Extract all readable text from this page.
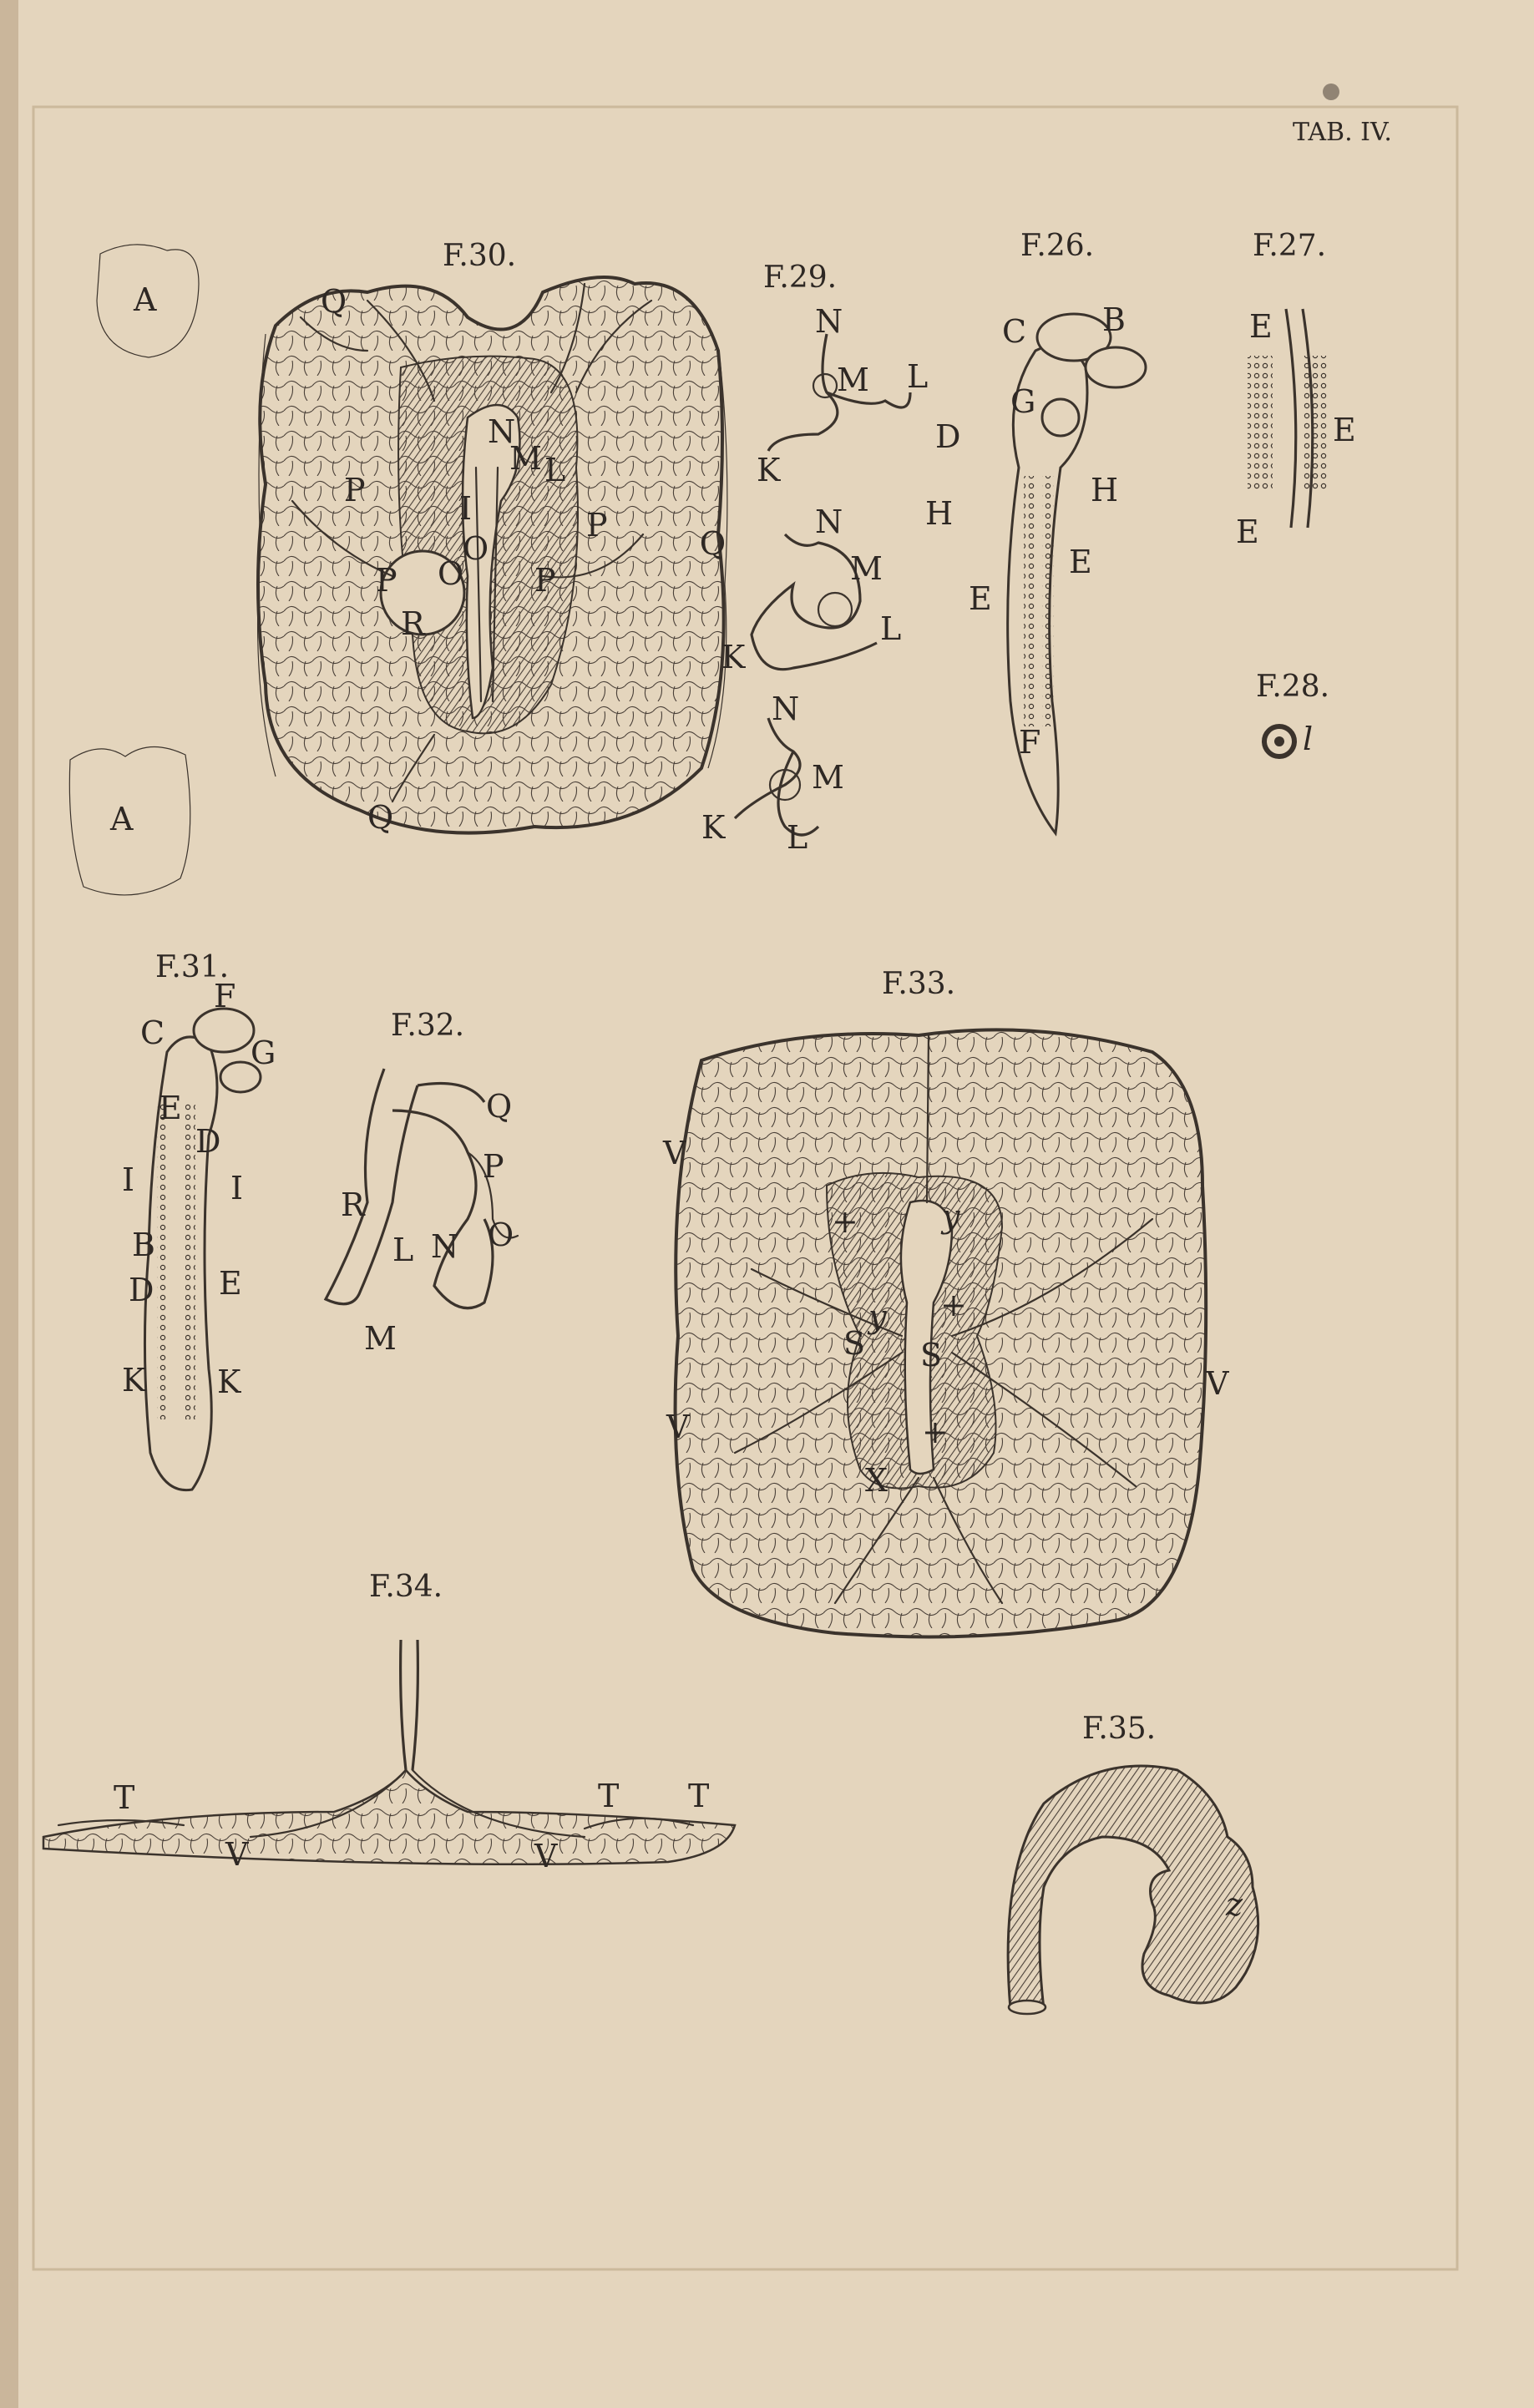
TAB. IV.
A
A
F.30.
Q
Q
Q
N
M L
I
P
P
P	P
O
O
R
F.29.
N
M L
K
N
M
L
K
N
M
L
K
F.26.
B
C
G
D
H
H
E
E
F
F.27.
E
E
E
F.28.
l
F.31.
F
C
G
E
D
I	I
B
D E
K K
F.32.
Q
P
R
L N O
M
F.33.
V
V
V
y
y
S S
X
+
+
+
F.34.
T	T T
V	V
F.35.
z
